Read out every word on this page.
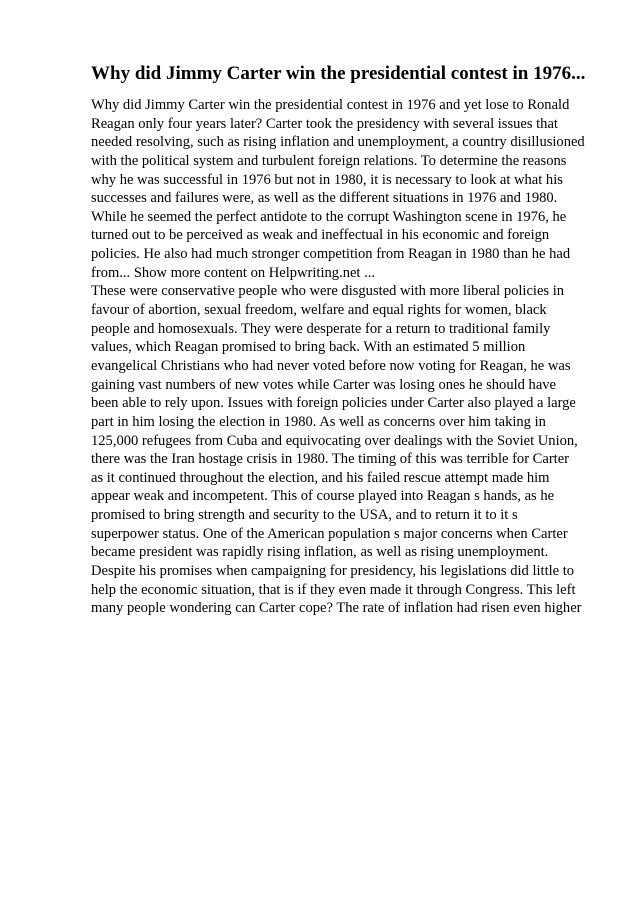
Why did Jimmy Carter win the presidential contest in 1976...
Why did Jimmy Carter win the presidential contest in 1976 and yet lose to Ronald
Reagan only four years later? Carter took the presidency with several issues that
needed resolving, such as rising inflation and unemployment, a country disillusioned
with the political system and turbulent foreign relations. To determine the reasons
why he was successful in 1976 but not in 1980, it is necessary to look at what his
successes and failures were, as well as the different situations in 1976 and 1980.
While he seemed the perfect antidote to the corrupt Washington scene in 1976, he
turned out to be perceived as weak and ineffectual in his economic and foreign
policies. He also had much stronger competition from Reagan in 1980 than he had
from... Show more content on Helpwriting.net ...
These were conservative people who were disgusted with more liberal policies in
favour of abortion, sexual freedom, welfare and equal rights for women, black
people and homosexuals. They were desperate for a return to traditional family
values, which Reagan promised to bring back. With an estimated 5 million
evangelical Christians who had never voted before now voting for Reagan, he was
gaining vast numbers of new votes while Carter was losing ones he should have
been able to rely upon. Issues with foreign policies under Carter also played a large
part in him losing the election in 1980. As well as concerns over him taking in
125,000 refugees from Cuba and equivocating over dealings with the Soviet Union,
there was the Iran hostage crisis in 1980. The timing of this was terrible for Carter
as it continued throughout the election, and his failed rescue attempt made him
appear weak and incompetent. This of course played into Reagan s hands, as he
promised to bring strength and security to the USA, and to return it to it s
superpower status. One of the American population s major concerns when Carter
became president was rapidly rising inflation, as well as rising unemployment.
Despite his promises when campaigning for presidency, his legislations did little to
help the economic situation, that is if they even made it through Congress. This left
many people wondering can Carter cope? The rate of inflation had risen even higher
